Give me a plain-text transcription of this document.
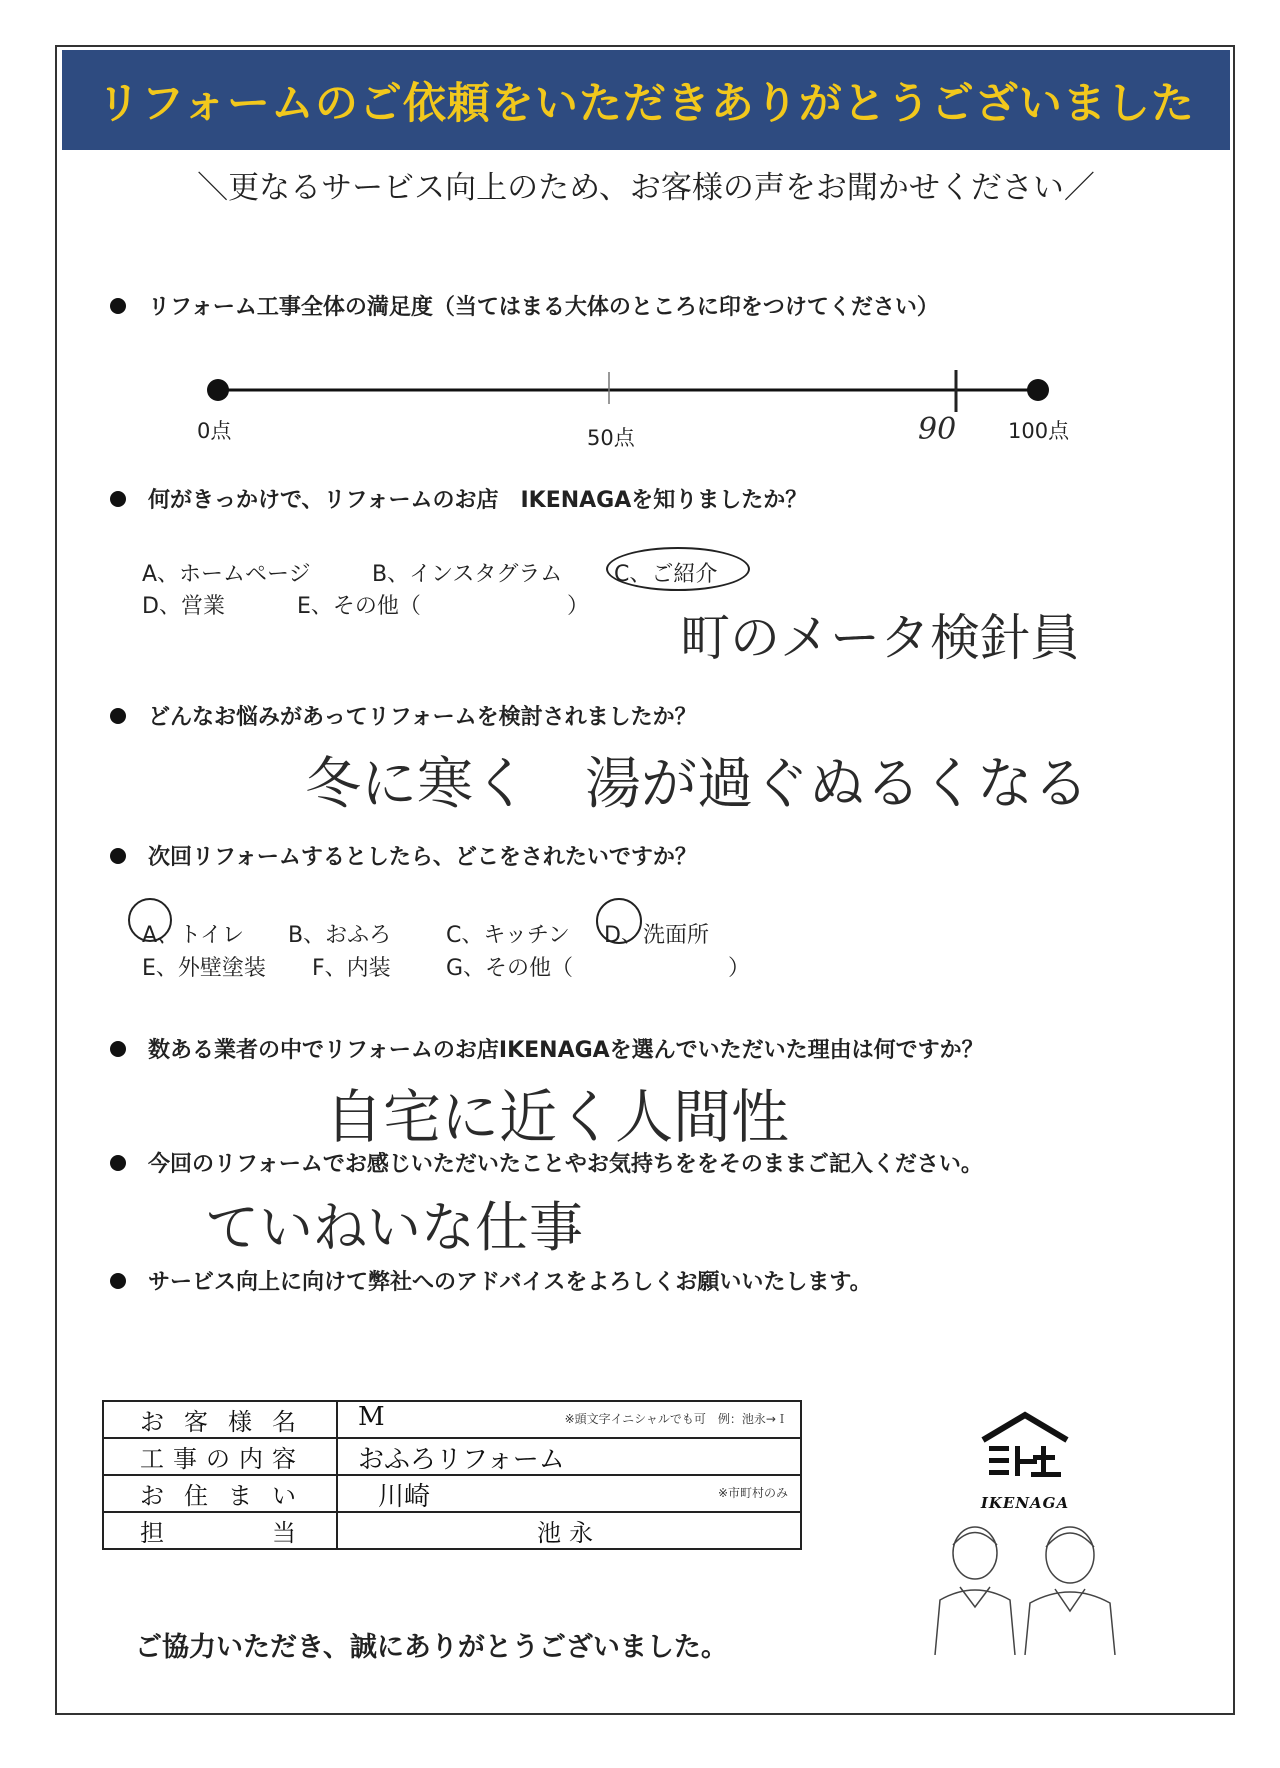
リフォームのご依頼をいただきありがとうございました
＼更なるサービス向上のため、お客様の声をお聞かせください／
リフォーム工事全体の満足度（当てはまる大体のところに印をつけてください）
0点	50点	100点
90
何がきっかけで、リフォームのお店　IKENAGAを知りましたか？
A、ホームページ	B、インスタグラム C、ご紹介
D、営業	E、その他（	）
町のメータ検針員
どんなお悩みがあってリフォームを検討されましたか？
冬に寒く　湯が過ぐぬるくなる
次回リフォームするとしたら、どこをされたいですか？
A、トイレ B、おふろ C、キッチン D、洗面所
E、外壁塗装 F、内装	G、その他（	）
数ある業者の中でリフォームのお店IKENAGAを選んでいただいた理由は何ですか？
自宅に近く人間性
今回のリフォームでお感じいただいたことやお気持ちををそのままご記入ください。
ていねいな仕事
サービス向上に向けて弊社へのアドバイスをよろしくお願いいたします。
お客様名	M ※頭文字イニシャルでも可　例：池永→Ｉ

工事の内容	おふろリフォーム

お住まい	川崎 ※市町村のみ

担当	池永
IKENAGA
ご協力いただき、誠にありがとうございました。
